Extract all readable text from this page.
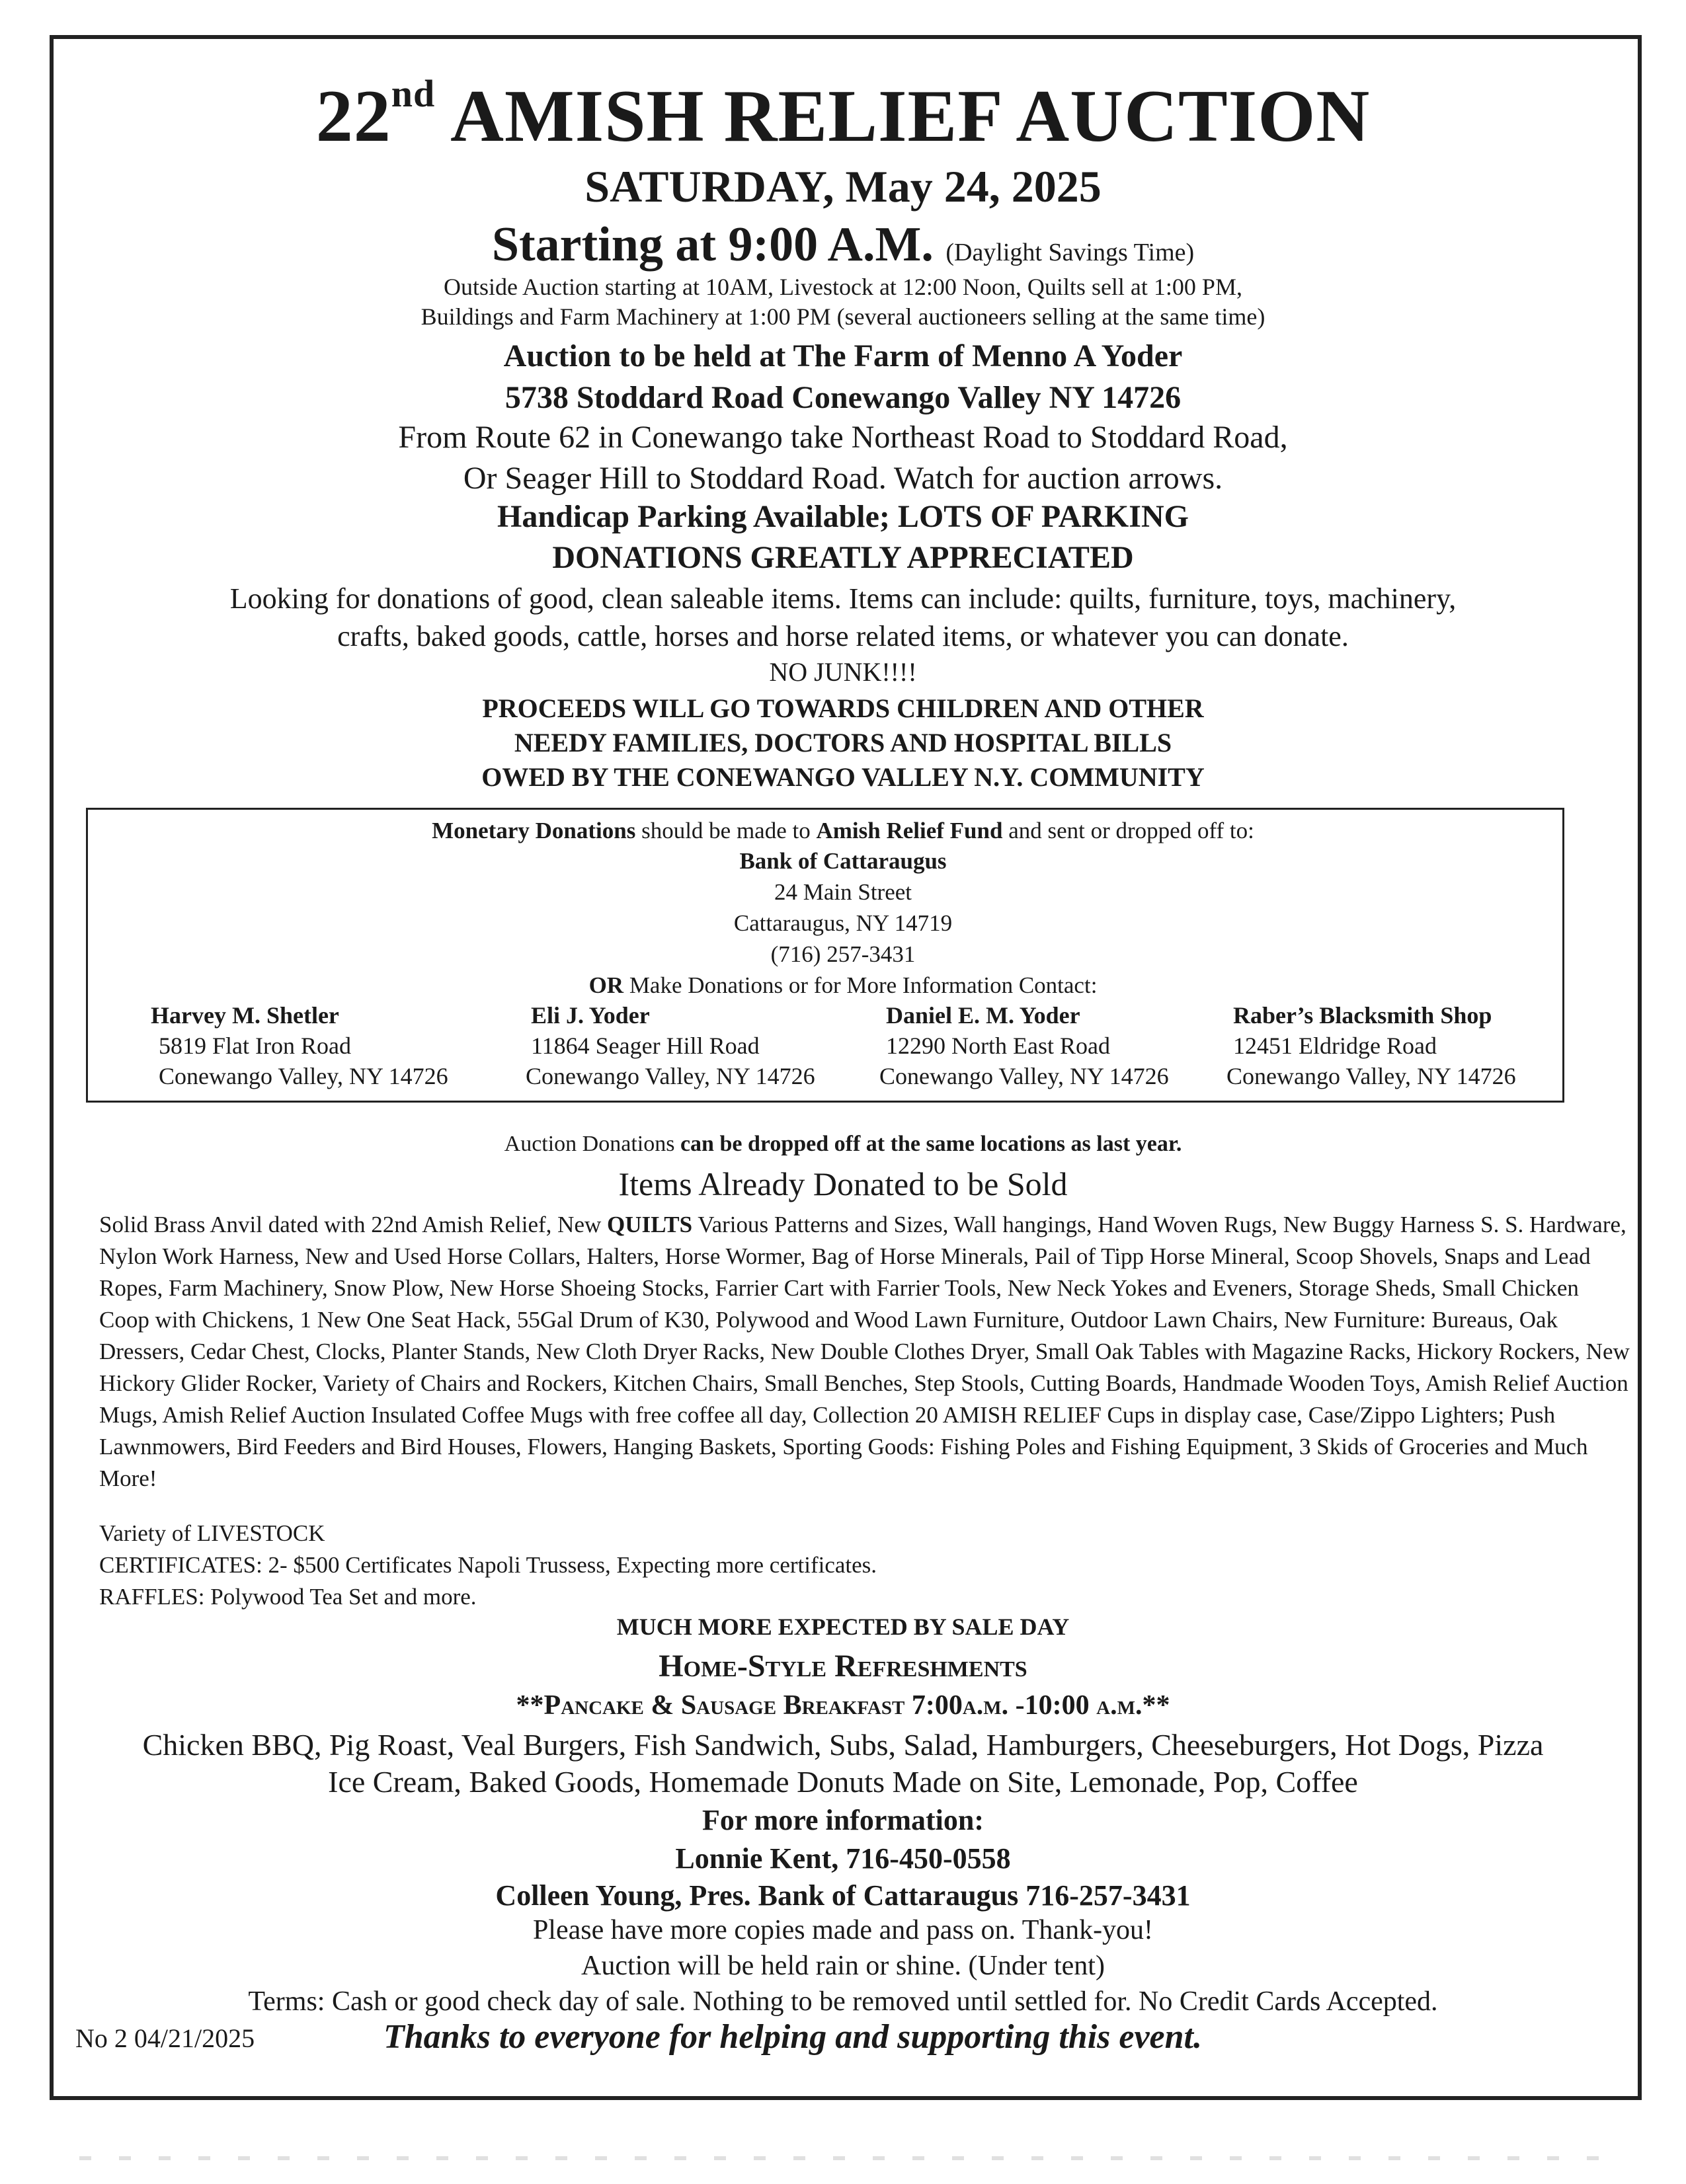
22nd AMISH RELIEF AUCTION
SATURDAY, May 24, 2025
Starting at 9:00 A.M. (Daylight Savings Time)
Outside Auction starting at 10AM, Livestock at 12:00 Noon, Quilts sell at 1:00 PM,
Buildings and Farm Machinery at 1:00 PM (several auctioneers selling at the same time)
Auction to be held at The Farm of Menno A Yoder
5738 Stoddard Road Conewango Valley NY 14726
From Route 62 in Conewango take Northeast Road to Stoddard Road,
Or Seager Hill to Stoddard Road. Watch for auction arrows.
Handicap Parking Available; LOTS OF PARKING
DONATIONS GREATLY APPRECIATED
Looking for donations of good, clean saleable items. Items can include: quilts, furniture, toys, machinery,
crafts, baked goods, cattle, horses and horse related items, or whatever you can donate.
NO JUNK!!!!
PROCEEDS WILL GO TOWARDS CHILDREN AND OTHER
NEEDY FAMILIES, DOCTORS AND HOSPITAL BILLS
OWED BY THE CONEWANGO VALLEY N.Y. COMMUNITY
Monetary Donations should be made to Amish Relief Fund and sent or dropped off to:
Bank of Cattaraugus
24 Main Street
Cattaraugus, NY 14719
(716) 257-3431
OR Make Donations or for More Information Contact:
Harvey M. Shetler
5819 Flat Iron Road
Conewango Valley, NY 14726
Eli J. Yoder
11864 Seager Hill Road
Conewango Valley, NY 14726
Daniel E. M. Yoder
12290 North East Road
Conewango Valley, NY 14726
Raber’s Blacksmith Shop
12451 Eldridge Road
Conewango Valley, NY 14726
Auction Donations can be dropped off at the same locations as last year.
Items Already Donated to be Sold
Solid Brass Anvil dated with 22nd Amish Relief, New QUILTS Various Patterns and Sizes, Wall hangings, Hand Woven Rugs, New Buggy Harness S. S. Hardware, Nylon Work Harness, New and Used Horse Collars, Halters, Horse Wormer, Bag of Horse Minerals, Pail of Tipp Horse Mineral, Scoop Shovels, Snaps and Lead Ropes, Farm Machinery, Snow Plow, New Horse Shoeing Stocks, Farrier Cart with Farrier Tools, New Neck Yokes and Eveners, Storage Sheds, Small Chicken Coop with Chickens, 1 New One Seat Hack, 55Gal Drum of K30, Polywood and Wood Lawn Furniture, Outdoor Lawn Chairs, New Furniture: Bureaus, Oak Dressers, Cedar Chest, Clocks, Planter Stands, New Cloth Dryer Racks, New Double Clothes Dryer, Small Oak Tables with Magazine Racks, Hickory Rockers, New Hickory Glider Rocker, Variety of Chairs and Rockers, Kitchen Chairs, Small Benches, Step Stools, Cutting Boards, Handmade Wooden Toys, Amish Relief Auction Mugs, Amish Relief Auction Insulated Coffee Mugs with free coffee all day, Collection 20 AMISH RELIEF Cups in display case, Case/Zippo Lighters; Push Lawnmowers, Bird Feeders and Bird Houses, Flowers, Hanging Baskets, Sporting Goods: Fishing Poles and Fishing Equipment, 3 Skids of Groceries and Much More!
Variety of LIVESTOCK
CERTIFICATES: 2- $500 Certificates Napoli Trussess, Expecting more certificates.
RAFFLES: Polywood Tea Set and more.
MUCH MORE EXPECTED BY SALE DAY
Home-Style Refreshments
**Pancake & Sausage Breakfast 7:00a.m. -10:00 a.m.**
Chicken BBQ, Pig Roast, Veal Burgers, Fish Sandwich, Subs, Salad, Hamburgers, Cheeseburgers, Hot Dogs, Pizza
Ice Cream, Baked Goods, Homemade Donuts Made on Site, Lemonade, Pop, Coffee
For more information:
Lonnie Kent, 716-450-0558
Colleen Young, Pres. Bank of Cattaraugus 716-257-3431
Please have more copies made and pass on. Thank-you!
Auction will be held rain or shine. (Under tent)
Terms: Cash or good check day of sale. Nothing to be removed until settled for. No Credit Cards Accepted.
No 2 04/21/2025	Thanks to everyone for helping and supporting this event.
